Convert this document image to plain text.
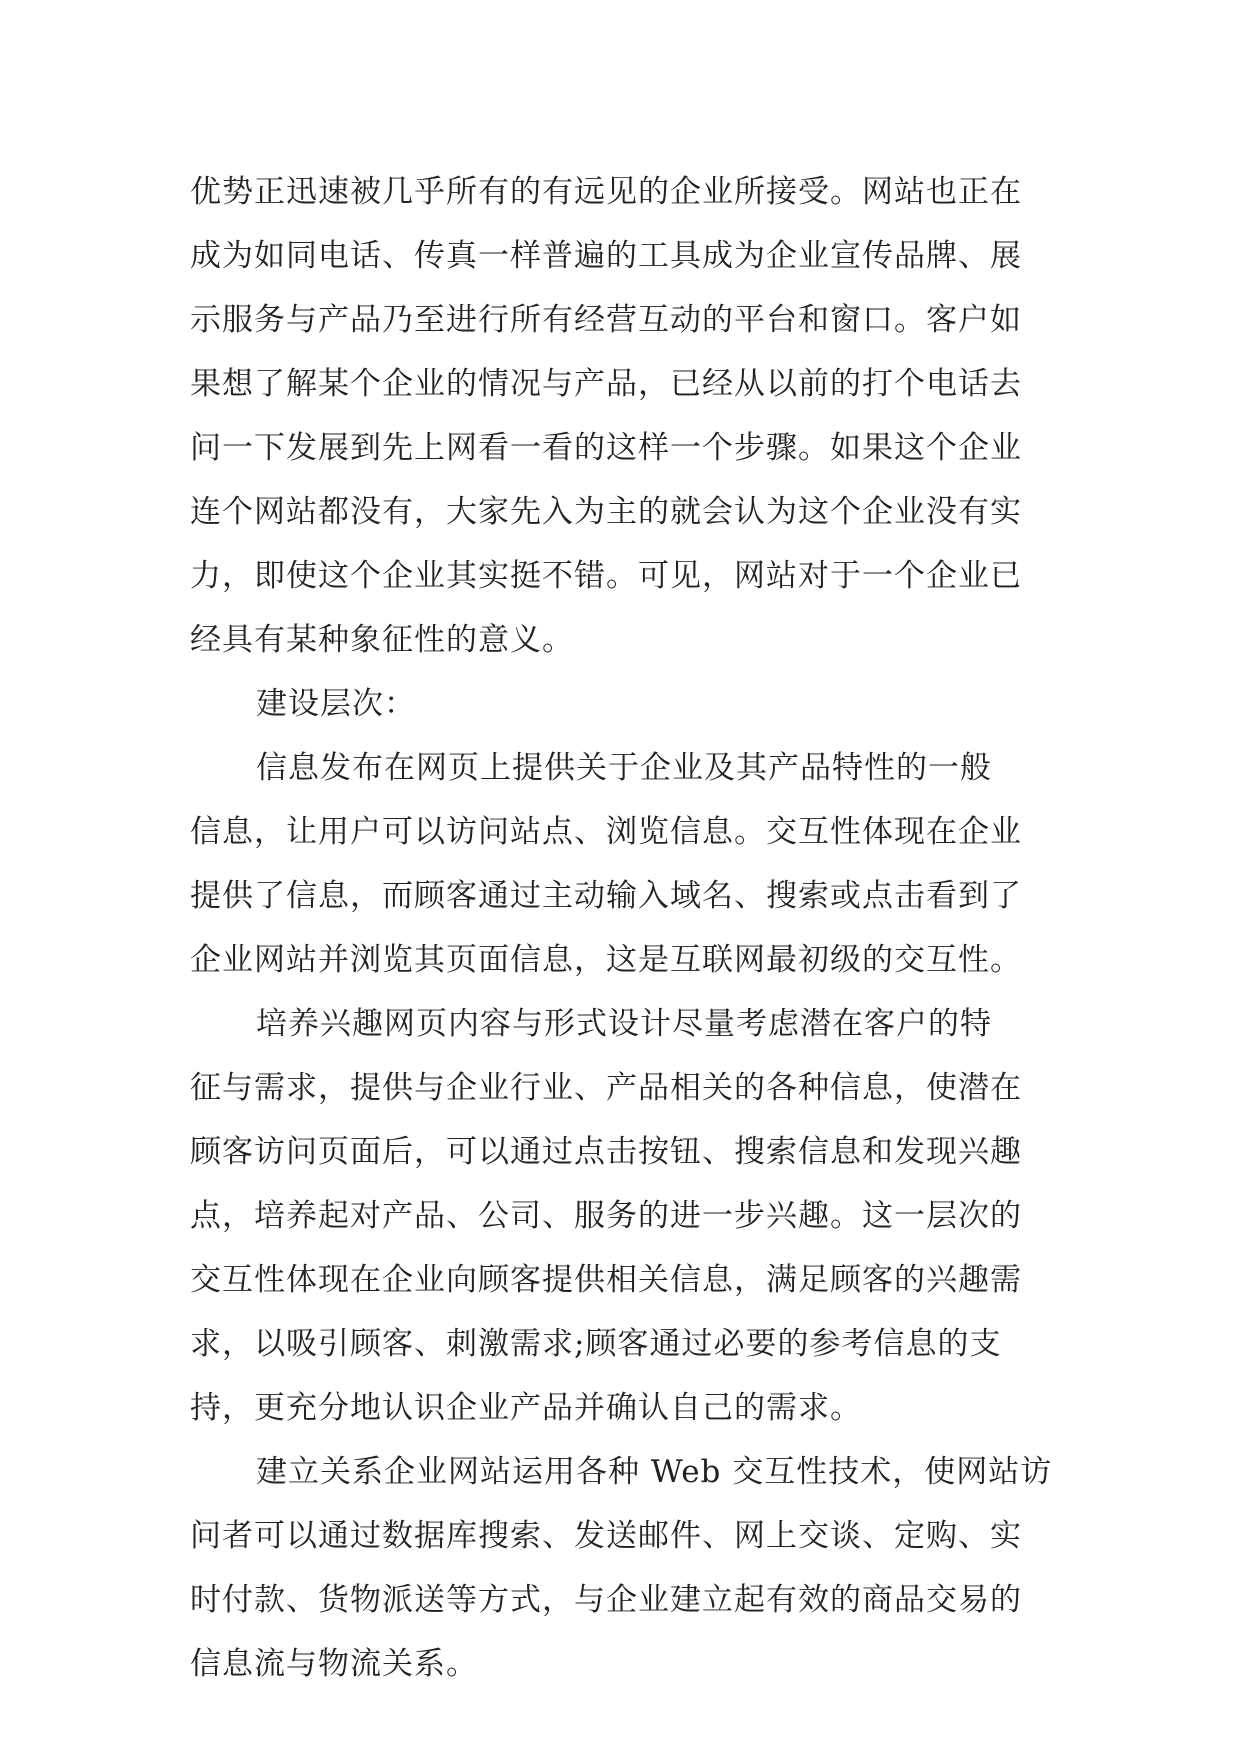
优势正迅速被几乎所有的有远见的企业所接受。网站也正在
成为如同电话、传真一样普遍的工具成为企业宣传品牌、展
示服务与产品乃至进行所有经营互动的平台和窗口。客户如
果想了解某个企业的情况与产品，已经从以前的打个电话去
问一下发展到先上网看一看的这样一个步骤。如果这个企业
连个网站都没有，大家先入为主的就会认为这个企业没有实
力，即使这个企业其实挺不错。可见，网站对于一个企业已
经具有某种象征性的意义。
建设层次：
信息发布在网页上提供关于企业及其产品特性的一般
信息，让用户可以访问站点、浏览信息。交互性体现在企业
提供了信息，而顾客通过主动输入域名、搜索或点击看到了
企业网站并浏览其页面信息，这是互联网最初级的交互性。
培养兴趣网页内容与形式设计尽量考虑潜在客户的特
征与需求，提供与企业行业、产品相关的各种信息，使潜在
顾客访问页面后，可以通过点击按钮、搜索信息和发现兴趣
点，培养起对产品、公司、服务的进一步兴趣。这一层次的
交互性体现在企业向顾客提供相关信息，满足顾客的兴趣需
求，以吸引顾客、刺激需求;顾客通过必要的参考信息的支
持，更充分地认识企业产品并确认自己的需求。
建立关系企业网站运用各种 Web 交互性技术，使网站访
问者可以通过数据库搜索、发送邮件、网上交谈、定购、实
时付款、货物派送等方式，与企业建立起有效的商品交易的
信息流与物流关系。
